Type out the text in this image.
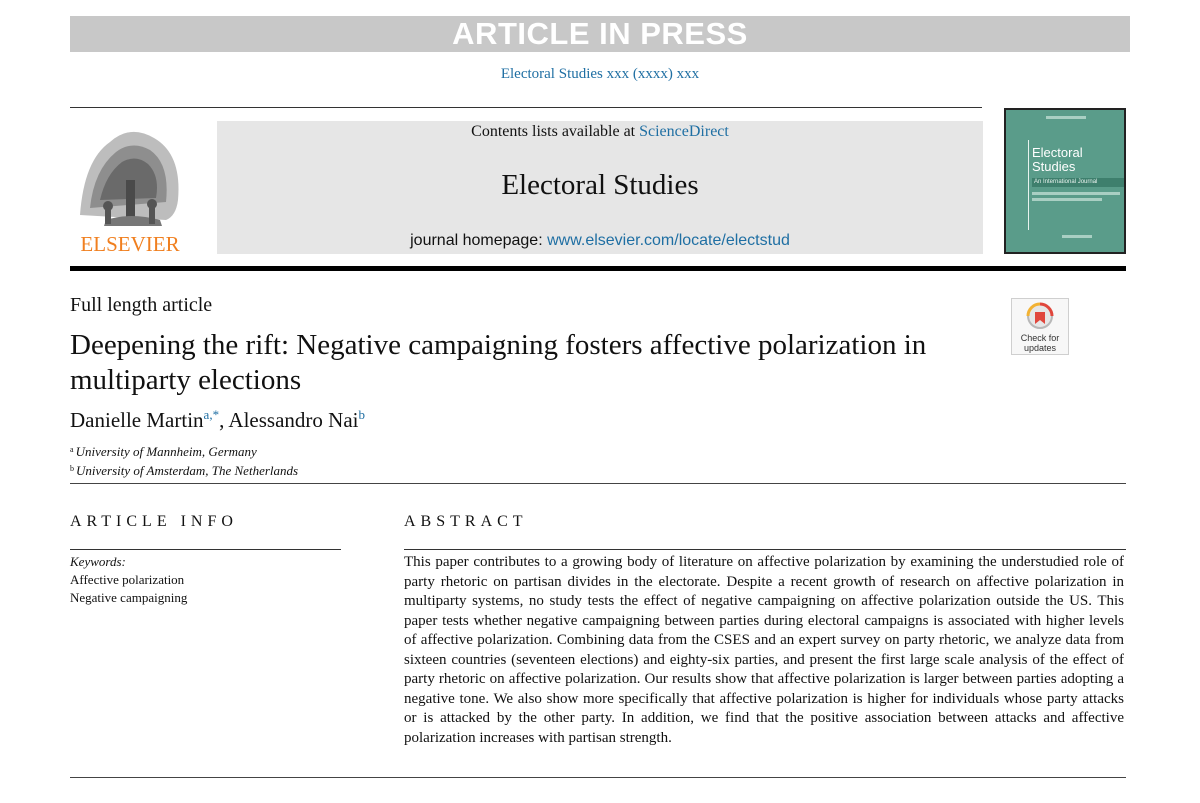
ARTICLE IN PRESS
Electoral Studies xxx (xxxx) xxx
ELSEVIER
Contents lists available at ScienceDirect
Electoral Studies
journal homepage: www.elsevier.com/locate/electstud
Electoral
Studies
An International Journal
Full length article
Deepening the rift: Negative campaigning fosters affective polarization in multiparty elections
Check for updates
Danielle Martin$^{a,*}$, Alessandro Nai$^b$
$^a$ University of Mannheim, Germany
$^b$ University of Amsterdam, The Netherlands
ARTICLE INFO
Keywords:
Affective polarization
Negative campaigning
ABSTRACT
This paper contributes to a growing body of literature on affective polarization by examining the understudied role of party rhetoric on partisan divides in the electorate. Despite a recent growth of research on affective polarization in multiparty systems, no study tests the effect of negative campaigning on affective polarization outside the US. This paper tests whether negative campaigning between parties during electoral campaigns is associated with higher levels of affective polarization. Combining data from the CSES and an expert survey on party rhetoric, we analyze data from sixteen countries (seventeen elections) and eighty-six parties, and present the first large scale analysis of the effect of party rhetoric on affective polarization. Our results show that affective polarization is larger between parties adopting a negative tone. We also show more specifically that affective polarization is higher for individuals whose party attacks or is attacked by the other party. In addition, we find that the positive association between attacks and affective polarization increases with partisan strength.
